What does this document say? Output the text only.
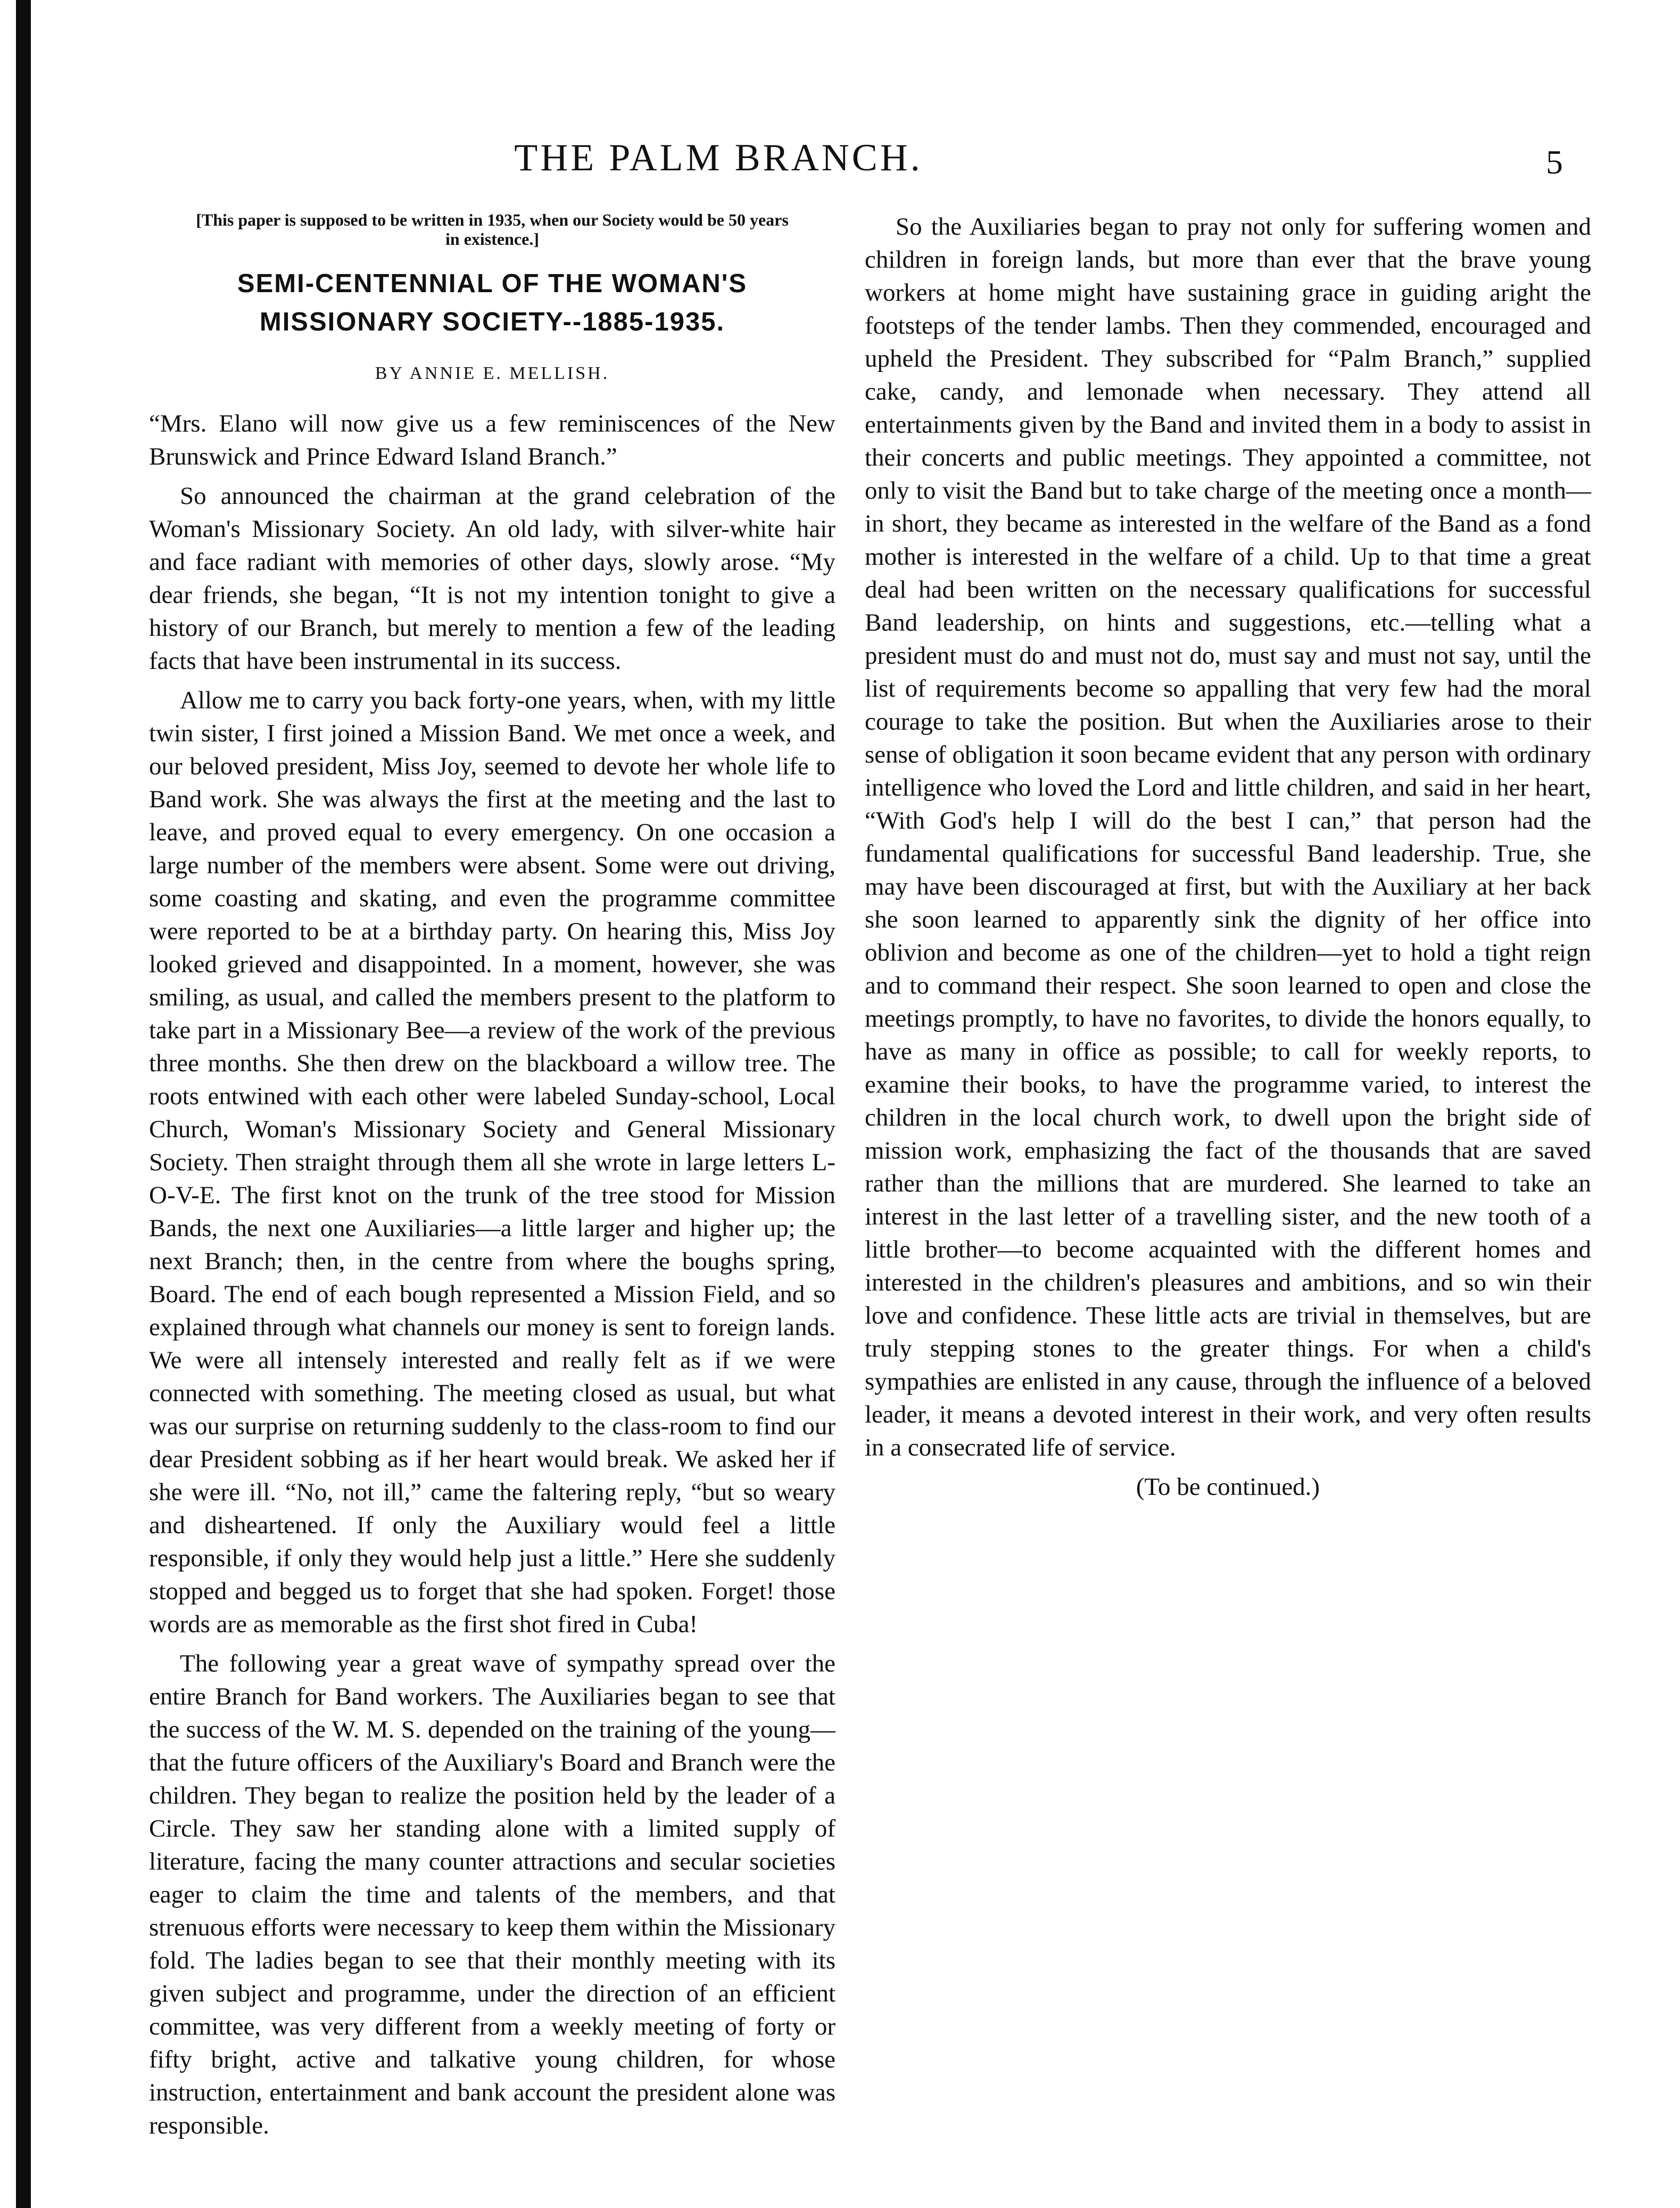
THE PALM BRANCH.	5
[This paper is supposed to be written in 1935, when our Society would be 50 years in existence.]
SEMI-CENTENNIAL OF THE WOMAN'S MISSIONARY SOCIETY--1885-1935.
BY ANNIE E. MELLISH.

“Mrs. Elano will now give us a few reminiscences of the New Brunswick and Prince Edward Island Branch.”

So announced the chairman at the grand celebration of the Woman's Missionary Society. An old lady, with silver-white hair and face radiant with memories of other days, slowly arose. “My dear friends, she began, “It is not my intention tonight to give a history of our Branch, but merely to mention a few of the leading facts that have been instrumental in its success.

Allow me to carry you back forty-one years, when, with my little twin sister, I first joined a Mission Band. We met once a week, and our beloved president, Miss Joy, seemed to devote her whole life to Band work. She was always the first at the meeting and the last to leave, and proved equal to every emergency. On one occasion a large number of the members were absent. Some were out driving, some coasting and skating, and even the programme committee were reported to be at a birthday party. On hearing this, Miss Joy looked grieved and disappointed. In a moment, however, she was smiling, as usual, and called the members present to the platform to take part in a Missionary Bee—a review of the work of the previous three months. She then drew on the blackboard a willow tree. The roots entwined with each other were labeled Sunday-school, Local Church, Woman's Missionary Society and General Missionary Society. Then straight through them all she wrote in large letters L-O-V-E. The first knot on the trunk of the tree stood for Mission Bands, the next one Auxiliaries—a little larger and higher up; the next Branch; then, in the centre from where the boughs spring, Board. The end of each bough represented a Mission Field, and so explained through what channels our money is sent to foreign lands. We were all intensely interested and really felt as if we were connected with something. The meeting closed as usual, but what was our surprise on returning suddenly to the class-room to find our dear President sobbing as if her heart would break. We asked her if she were ill. “No, not ill,” came the faltering reply, “but so weary and disheartened. If only the Auxiliary would feel a little responsible, if only they would help just a little.” Here she suddenly stopped and begged us to forget that she had spoken. Forget! those words are as memorable as the first shot fired in Cuba!

The following year a great wave of sympathy spread over the entire Branch for Band workers. The Auxiliaries began to see that the success of the W. M. S. depended on the training of the young—that the future officers of the Auxiliary's Board and Branch were the children. They began to realize the position held by the leader of a Circle. They saw her standing alone with a limited supply of literature, facing the many counter attractions and secular societies eager to claim the time and talents of the members, and that strenuous efforts were necessary to keep them within the Missionary fold. The ladies began to see that their monthly meeting with its given subject and programme, under the direction of an efficient committee, was very different from a weekly meeting of forty or fifty bright, active and talkative young children, for whose instruction, entertainment and bank account the president alone was responsible.

So the Auxiliaries began to pray not only for suffering women and children in foreign lands, but more than ever that the brave young workers at home might have sustaining grace in guiding aright the footsteps of the tender lambs. Then they commended, encouraged and upheld the President. They subscribed for “Palm Branch,” supplied cake, candy, and lemonade when necessary. They attend all entertainments given by the Band and invited them in a body to assist in their concerts and public meetings. They appointed a committee, not only to visit the Band but to take charge of the meeting once a month—in short, they became as interested in the welfare of the Band as a fond mother is interested in the welfare of a child. Up to that time a great deal had been written on the necessary qualifications for successful Band leadership, on hints and suggestions, etc.—telling what a president must do and must not do, must say and must not say, until the list of requirements become so appalling that very few had the moral courage to take the position. But when the Auxiliaries arose to their sense of obligation it soon became evident that any person with ordinary intelligence who loved the Lord and little children, and said in her heart, “With God's help I will do the best I can,” that person had the fundamental qualifications for successful Band leadership. True, she may have been discouraged at first, but with the Auxiliary at her back she soon learned to apparently sink the dignity of her office into oblivion and become as one of the children—yet to hold a tight reign and to command their respect. She soon learned to open and close the meetings promptly, to have no favorites, to divide the honors equally, to have as many in office as possible; to call for weekly reports, to examine their books, to have the programme varied, to interest the children in the local church work, to dwell upon the bright side of mission work, emphasizing the fact of the thousands that are saved rather than the millions that are murdered. She learned to take an interest in the last letter of a travelling sister, and the new tooth of a little brother—to become acquainted with the different homes and interested in the children's pleasures and ambitions, and so win their love and confidence. These little acts are trivial in themselves, but are truly stepping stones to the greater things. For when a child's sympathies are enlisted in any cause, through the influence of a beloved leader, it means a devoted interest in their work, and very often results in a consecrated life of service.

(To be continued.)
